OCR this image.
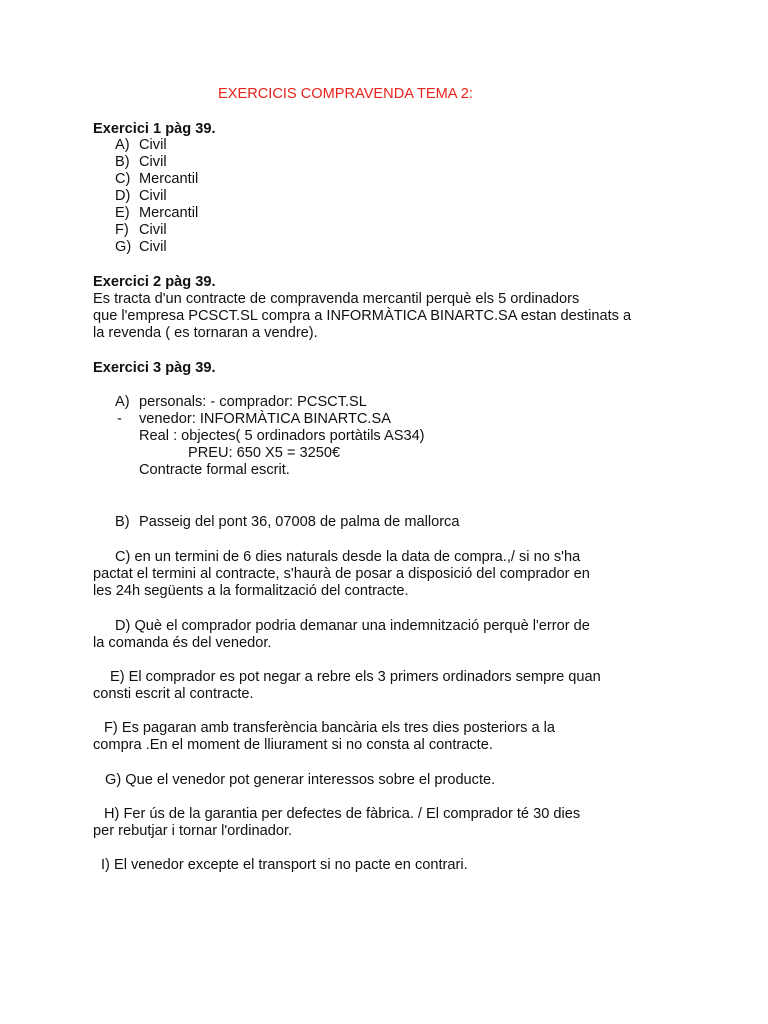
EXERCICIS COMPRAVENDA TEMA 2:
Exercici 1 pàg 39.
A) Civil
B) Civil
C) Mercantil
D) Civil
E) Mercantil
F) Civil
G) Civil
Exercici 2 pàg 39.
Es tracta d'un contracte de compravenda mercantil perquè els 5 ordinadors
que l'empresa PCSCT.SL compra a INFORMÀTICA BINARTC.SA estan destinats a
la revenda ( es tornaran a vendre).
Exercici 3 pàg 39.
A) personals: - comprador: PCSCT.SL
- venedor: INFORMÀTICA BINARTC.SA
Real : objectes( 5 ordinadors portàtils AS34)
PREU: 650 X5 = 3250€
Contracte formal escrit.
B) Passeig del pont 36, 07008 de palma de mallorca
C) en un termini de 6 dies naturals desde la data de compra.,/ si no s'ha
pactat el termini al contracte, s'haurà de posar a disposició del comprador en
les 24h següents a la formalització del contracte.
D) Què el comprador podria demanar una indemnització perquè l'error de
la comanda és del venedor.
E) El comprador es pot negar a rebre els 3 primers ordinadors sempre quan
consti escrit al contracte.
F) Es pagaran amb transferència bancària els tres dies posteriors a la
compra .En el moment de lliurament si no consta al contracte.
G) Que el venedor pot generar interessos sobre el producte.
H) Fer ús de la garantia per defectes de fàbrica. / El comprador té 30 dies
per rebutjar i tornar l'ordinador.
I) El venedor excepte el transport si no pacte en contrari.
